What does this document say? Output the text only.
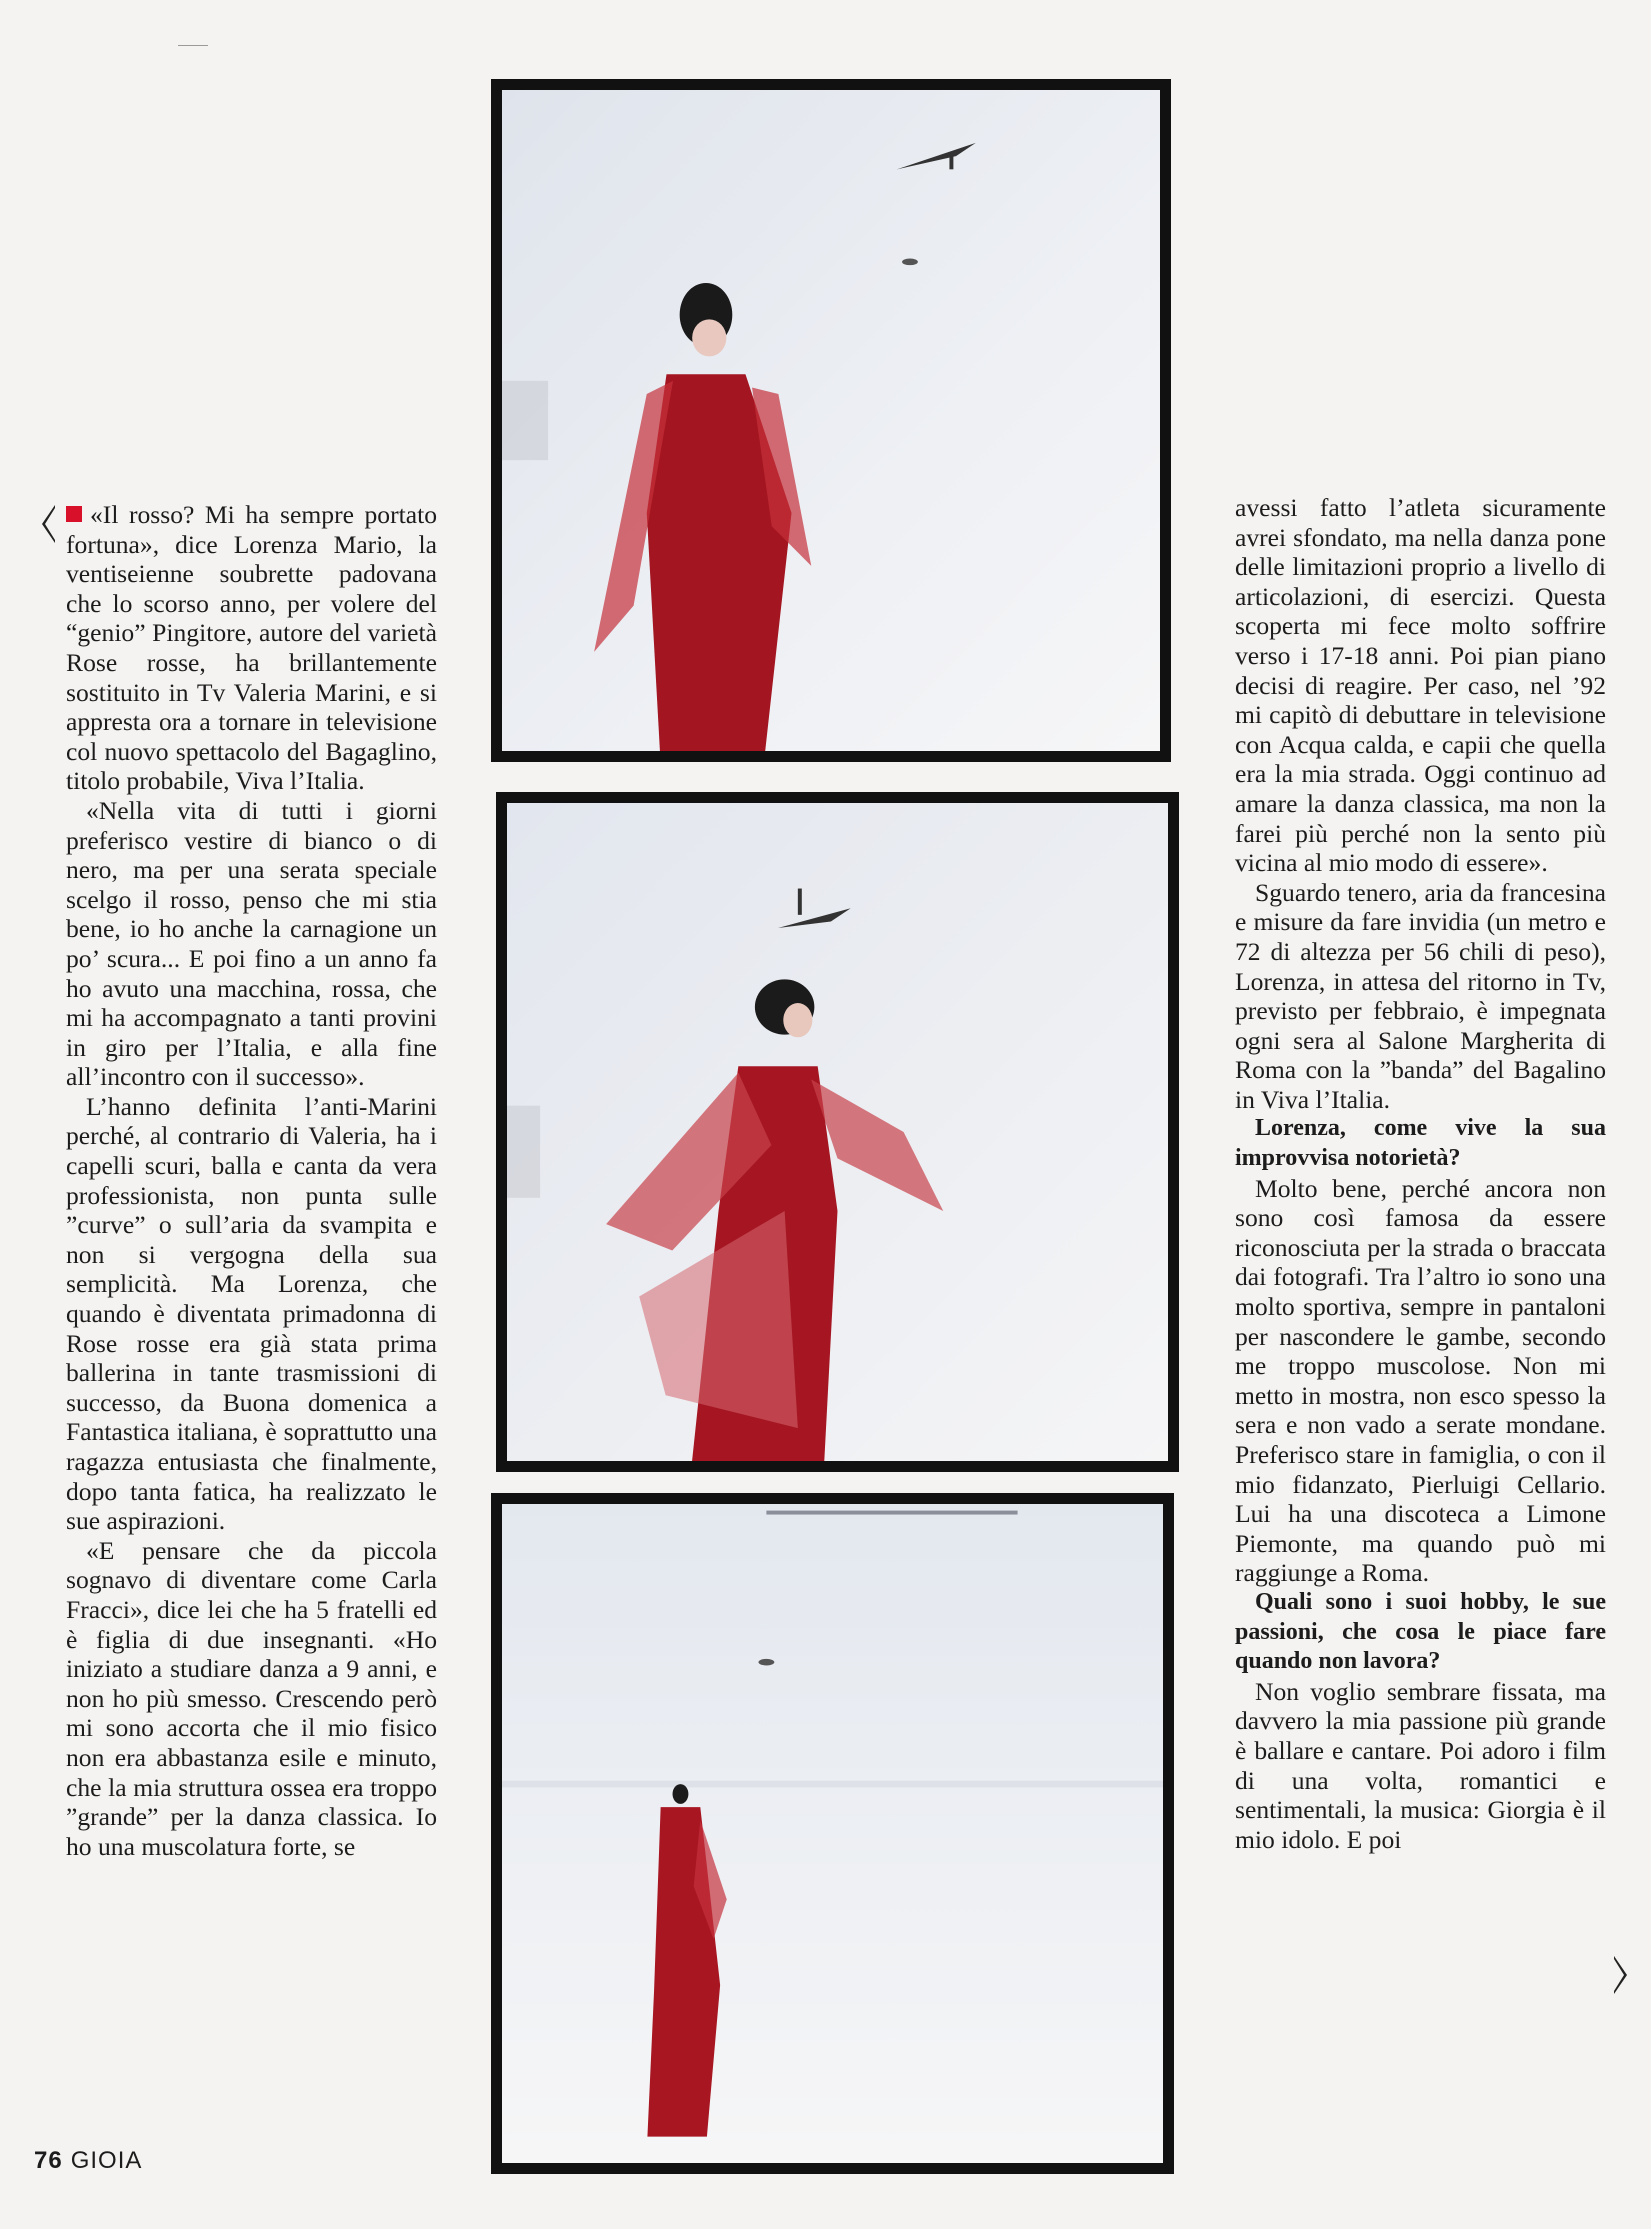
«Il rosso? Mi ha sempre portato fortuna», dice Lorenza Mario, la ventiseienne soubrette padovana che lo scorso anno, per volere del “genio” Pingitore, autore del varietà Rose rosse, ha brillantemente sostituito in Tv Valeria Marini, e si appresta ora a tornare in televisione col nuovo spettacolo del Bagaglino, titolo probabile, Viva l’Italia.

«Nella vita di tutti i giorni preferisco vestire di bianco o di nero, ma per una serata speciale scelgo il rosso, penso che mi stia bene, io ho anche la carnagione un po’ scura... E poi fino a un anno fa ho avuto una macchina, rossa, che mi ha accompagnato a tanti provini in giro per l’Italia, e alla fine all’incontro con il successo».

L’hanno definita l’anti-Marini perché, al contrario di Valeria, ha i capelli scuri, balla e canta da vera professionista, non punta sulle ”curve” o sull’aria da svampita e non si vergogna della sua semplicità. Ma Lorenza, che quando è diventata primadonna di Rose rosse era già stata prima ballerina in tante trasmissioni di successo, da Buona domenica a Fantastica italiana, è soprattutto una ragazza entusiasta che finalmente, dopo tanta fatica, ha realizzato le sue aspirazioni.

«E pensare che da piccola sognavo di diventare come Carla Fracci», dice lei che ha 5 fratelli ed è figlia di due insegnanti. «Ho iniziato a studiare danza a 9 anni, e non ho più smesso. Crescendo però mi sono accorta che il mio fisico non era abbastanza esile e minuto, che la mia struttura ossea era troppo ”grande” per la danza classica. Io ho una muscolatura forte, se

avessi fatto l’atleta sicuramente avrei sfondato, ma nella danza pone delle limitazioni proprio a livello di articolazioni, di esercizi. Questa scoperta mi fece molto soffrire verso i 17-18 anni. Poi pian piano decisi di reagire. Per caso, nel ’92 mi capitò di debuttare in televisione con Acqua calda, e capii che quella era la mia strada. Oggi continuo ad amare la danza classica, ma non la farei più perché non la sento più vicina al mio modo di essere».

Sguardo tenero, aria da francesina e misure da fare invidia (un metro e 72 di altezza per 56 chili di peso), Lorenza, in attesa del ritorno in Tv, previsto per febbraio, è impegnata ogni sera al Salone Margherita di Roma con la ”banda” del Bagalino in Viva l’Italia.

Lorenza, come vive la sua improvvisa notorietà?

Molto bene, perché ancora non sono così famosa da essere riconosciuta per la strada o braccata dai fotografi. Tra l’altro io sono una molto sportiva, sempre in pantaloni per nascondere le gambe, secondo me troppo muscolose. Non mi metto in mostra, non esco spesso la sera e non vado a serate mondane. Preferisco stare in famiglia, o con il mio fidanzato, Pierluigi Cellario. Lui ha una discoteca a Limone Piemonte, ma quando può mi raggiunge a Roma.

Quali sono i suoi hobby, le sue passioni, che cosa le piace fare quando non lavora?

Non voglio sembrare fissata, ma davvero la mia passione più grande è ballare e cantare. Poi adoro i film di una volta, romantici e sentimentali, la musica: Giorgia è il mio idolo. E poi

76 GIOIA
